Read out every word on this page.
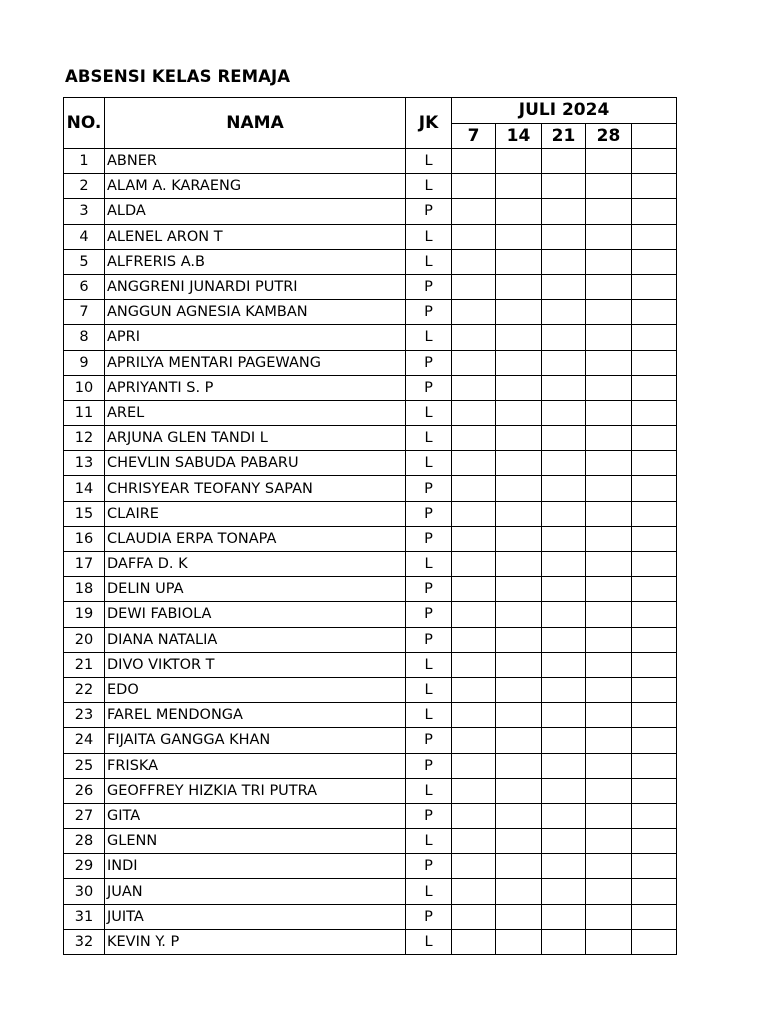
ABSENSI KELAS REMAJA
NO.	NAMA	JK	JULI 2024				
			7	14	21	28	
1	ABNER	L					
2	ALAM A. KARAENG	L					
3	ALDA	P					
4	ALENEL ARON T	L					
5	ALFRERIS A.B	L					
6	ANGGRENI JUNARDI PUTRI	P					
7	ANGGUN AGNESIA KAMBAN	P					
8	APRI	L					
9	APRILYA MENTARI PAGEWANG	P					
10	APRIYANTI S. P	P					
11	AREL	L					
12	ARJUNA GLEN TANDI L	L					
13	CHEVLIN SABUDA PABARU	L					
14	CHRISYEAR TEOFANY SAPAN	P					
15	CLAIRE	P					
16	CLAUDIA ERPA TONAPA	P					
17	DAFFA D. K	L					
18	DELIN UPA	P					
19	DEWI FABIOLA	P					
20	DIANA NATALIA	P					
21	DIVO VIKTOR T	L					
22	EDO	L					
23	FAREL MENDONGA	L					
24	FIJAITA GANGGA KHAN	P					
25	FRISKA	P					
26	GEOFFREY HIZKIA TRI PUTRA	L					
27	GITA	P					
28	GLENN	L					
29	INDI	P					
30	JUAN	L					
31	JUITA	P					
32	KEVIN Y. P	L					
